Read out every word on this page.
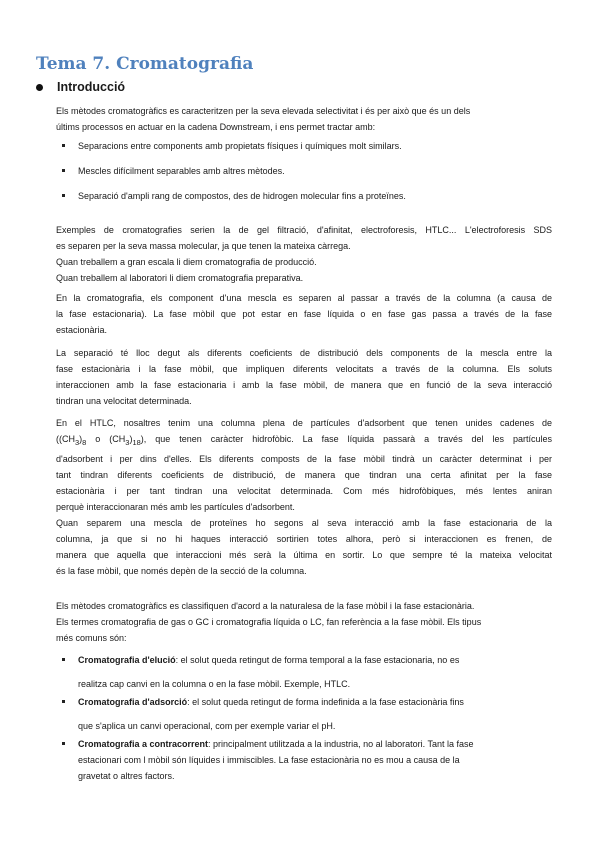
Tema 7. Cromatografia
Introducció
Els mètodes cromatogràfics es caracteritzen per la seva elevada selectivitat i és per això que és un dels
últims processos en actuar en la cadena Downstream, i ens permet tractar amb:
Separacions entre components amb propietats físiques i químiques molt similars.
Mescles difícilment separables amb altres mètodes.
Separació d'ampli rang de compostos, des de hidrogen molecular fins a proteïnes.
Exemples de cromatografies serien la de gel filtració, d'afinitat, electroforesis, HTLC... L'electroforesis SDS
es separen per la seva massa molecular, ja que tenen la mateixa càrrega.
Quan treballem a gran escala li diem cromatografia de producció.
Quan treballem al laboratori li diem cromatografia preparativa.
En la cromatografia, els component d'una mescla es separen al passar a través de la columna (a causa de
la fase estacionaria). La fase mòbil que pot estar en fase líquida o en fase gas passa a través de la fase
estacionària.
La separació té lloc degut als diferents coeficients de distribució dels components de la mescla entre la
fase estacionària i la fase mòbil, que impliquen diferents velocitats a través de la columna. Els soluts
interaccionen amb la fase estacionaria i amb la fase mòbil, de manera que en funció de la seva interacció
tindran una velocitat determinada.
En el HTLC, nosaltres tenim una columna plena de partícules d'adsorbent que tenen unides cadenes de
($(CH_3)_8$ o $(CH_3)_{18}$), que tenen caràcter hidrofòbic. La fase líquida passarà a través del les partícules
d'adsorbent i per dins d'elles. Els diferents composts de la fase mòbil tindrà un caràcter determinat i per
tant tindran diferents coeficients de distribució, de manera que tindran una certa afinitat per la fase
estacionària i per tant tindran una velocitat determinada. Com més hidrofòbiques, més lentes aniran
perquè interaccionaran més amb les partícules d'adsorbent.
Quan separem una mescla de proteïnes ho segons al seva interacció amb la fase estacionaria de la
columna, ja que si no hi haques interacció sortirien totes alhora, però si interaccionen es frenen, de
manera que aquella que interaccioni més serà la última en sortir. Lo que sempre té la mateixa velocitat
és la fase mòbil, que només depèn de la secció de la columna.
Els mètodes cromatogràfics es classifiquen d'acord a la naturalesa de la fase mòbil i la fase estacionària.
Els termes cromatografia de gas o GC i cromatografia líquida o LC, fan referència a la fase mòbil. Els tipus
més comuns són:
Cromatografia d'elució: el solut queda retingut de forma temporal a la fase estacionaria, no es
realitza cap canvi en la columna o en la fase mòbil. Exemple, HTLC.
Cromatografia d'adsorció: el solut queda retingut de forma indefinida a la fase estacionària fins
que s'aplica un canvi operacional, com per exemple variar el pH.
Cromatografia a contracorrent: principalment utilitzada a la industria, no al laboratori. Tant la fase
estacionari com l mòbil són líquides i immiscibles. La fase estacionària no es mou a causa de la
gravetat o altres factors.
